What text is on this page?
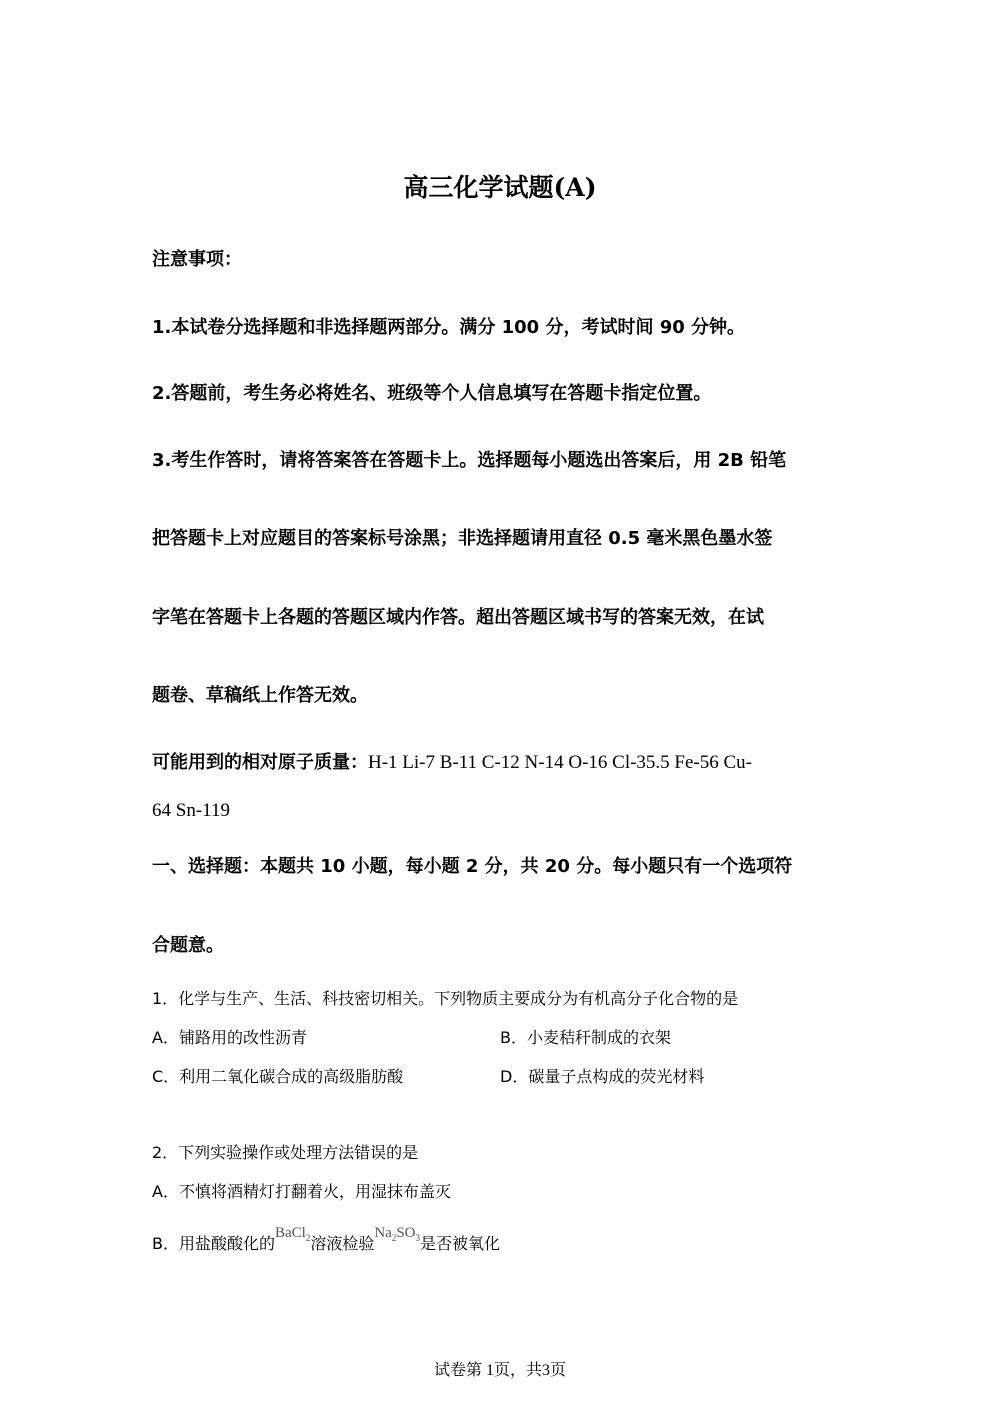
高三化学试题(A)
注意事项：
1.本试卷分选择题和非选择题两部分。满分 100 分，考试时间 90 分钟。
2.答题前，考生务必将姓名、班级等个人信息填写在答题卡指定位置。
3.考生作答时，请将答案答在答题卡上。选择题每小题选出答案后，用 2B 铅笔
把答题卡上对应题目的答案标号涂黑；非选择题请用直径 0.5 毫米黑色墨水签
字笔在答题卡上各题的答题区域内作答。超出答题区域书写的答案无效，在试
题卷、草稿纸上作答无效。
可能用到的相对原子质量：H-1 Li-7 B-11 C-12 N-14 O-16 Cl-35.5 Fe-56 Cu-
64 Sn-119
一、选择题：本题共 10 小题，每小题 2 分，共 20 分。每小题只有一个选项符
合题意。
1．化学与生产、生活、科技密切相关。下列物质主要成分为有机高分子化合物的是
A．铺路用的改性沥青	B．小麦秸秆制成的衣架
C．利用二氧化碳合成的高级脂肪酸	D．碳量子点构成的荧光材料
2．下列实验操作或处理方法错误的是
A．不慎将酒精灯打翻着火，用湿抹布盖灭
B．用盐酸酸化的BaCl$_2$溶液检验$Na_2SO_3$是否被氧化
试卷第 1页，共3页
